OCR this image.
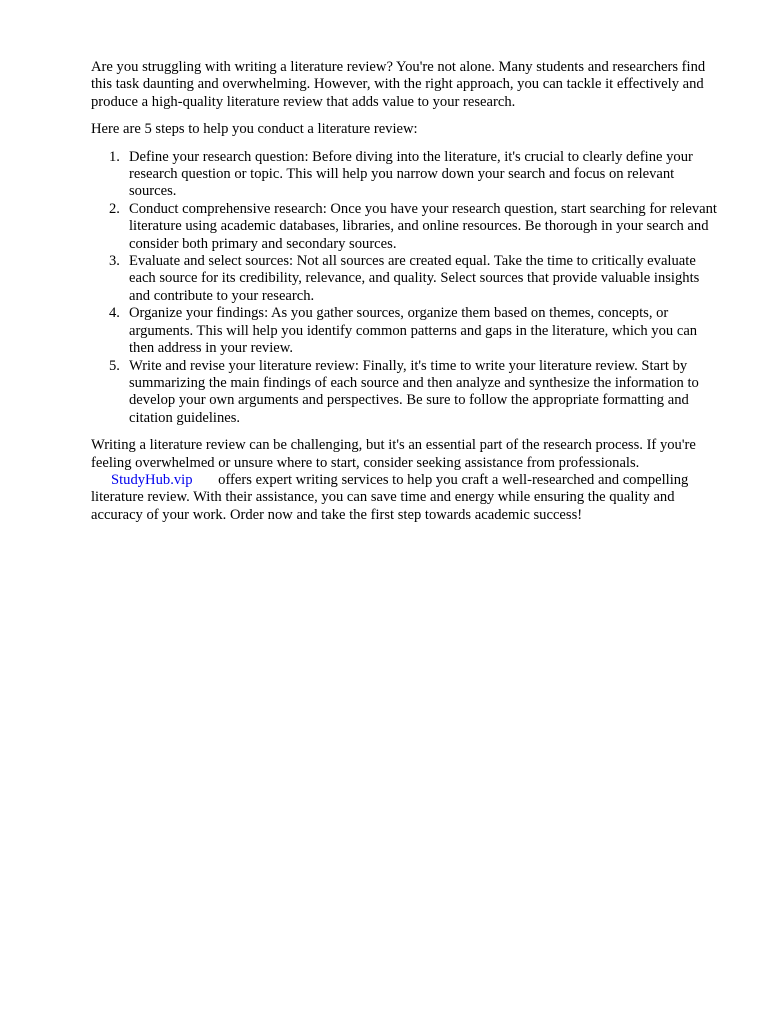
Are you struggling with writing a literature review? You're not alone. Many students and researchers find this task daunting and overwhelming. However, with the right approach, you can tackle it effectively and produce a high-quality literature review that adds value to your research.

Here are 5 steps to help you conduct a literature review:

1. Define your research question: Before diving into the literature, it's crucial to clearly define your research question or topic. This will help you narrow down your search and focus on relevant sources.
2. Conduct comprehensive research: Once you have your research question, start searching for relevant literature using academic databases, libraries, and online resources. Be thorough in your search and consider both primary and secondary sources.
3. Evaluate and select sources: Not all sources are created equal. Take the time to critically evaluate each source for its credibility, relevance, and quality. Select sources that provide valuable insights and contribute to your research.
4. Organize your findings: As you gather sources, organize them based on themes, concepts, or arguments. This will help you identify common patterns and gaps in the literature, which you can then address in your review.
5. Write and revise your literature review: Finally, it's time to write your literature review. Start by summarizing the main findings of each source and then analyze and synthesize the information to develop your own arguments and perspectives. Be sure to follow the appropriate formatting and citation guidelines.

Writing a literature review can be challenging, but it's an essential part of the research process. If you're feeling overwhelmed or unsure where to start, consider seeking assistance from professionals. StudyHub.vip offers expert writing services to help you craft a well-researched and compelling literature review. With their assistance, you can save time and energy while ensuring the quality and accuracy of your work. Order now and take the first step towards academic success!
